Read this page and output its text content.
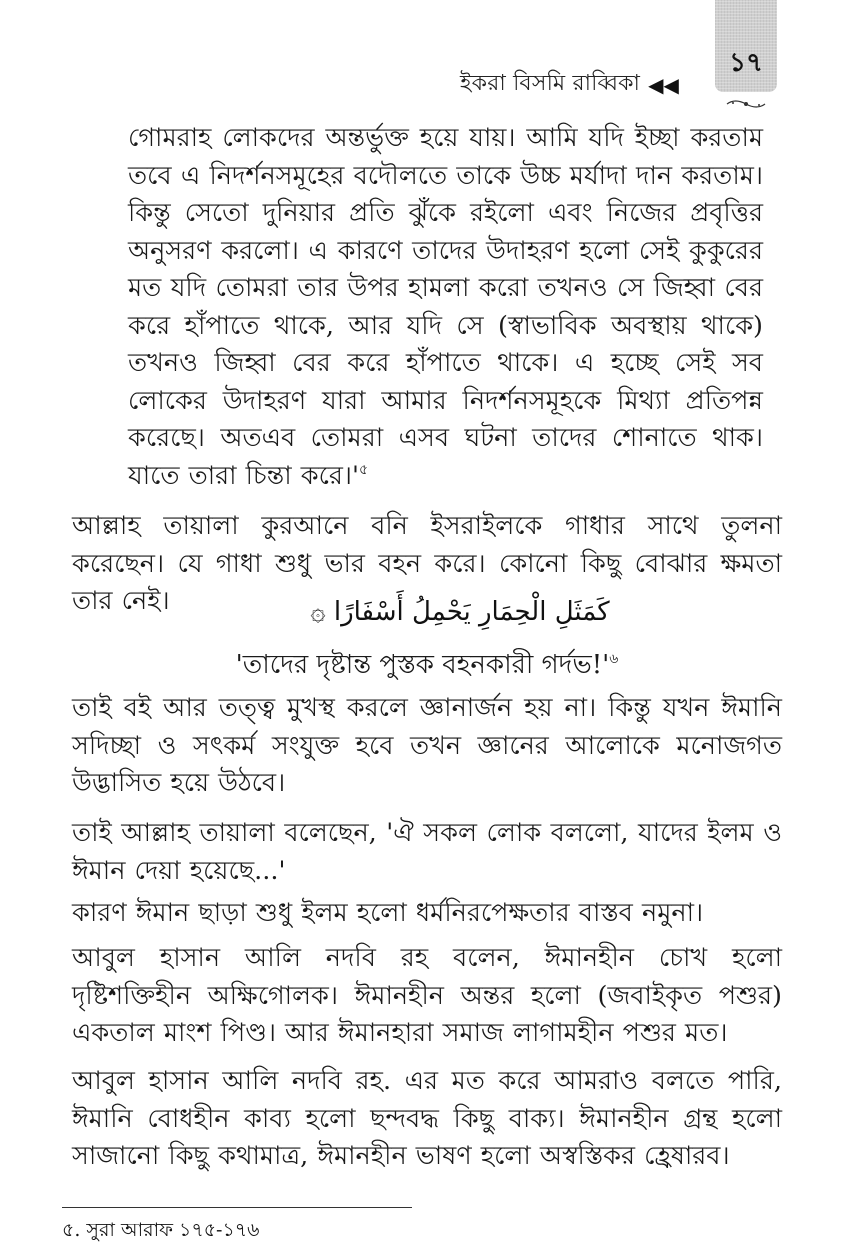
ইকরা বিসমি রাব্বিকা ◀◀
১৭
গোমরাহ লোকদের অন্তর্ভুক্ত হয়ে যায়। আমি যদি ইচ্ছা করতাম তবে এ নিদর্শনসমূহের বদৌলতে তাকে উচ্চ মর্যাদা দান করতাম। কিন্তু সেতো দুনিয়ার প্রতি ঝুঁকে রইলো এবং নিজের প্রবৃত্তির অনুসরণ করলো। এ কারণে তাদের উদাহরণ হলো সেই কুকুরের মত যদি তোমরা তার উপর হামলা করো তখনও সে জিহ্বা বের করে হাঁপাতে থাকে, আর যদি সে (স্বাভাবিক অবস্থায় থাকে) তখনও জিহ্বা বের করে হাঁপাতে থাকে। এ হচ্ছে সেই সব লোকের উদাহরণ যারা আমার নিদর্শনসমূহকে মিথ্যা প্রতিপন্ন করেছে। অতএব তোমরা এসব ঘটনা তাদের শোনাতে থাক। যাতে তারা চিন্তা করে।'$^৫$
আল্লাহ তায়ালা কুরআনে বনি ইসরাইলকে গাধার সাথে তুলনা করেছেন। যে গাধা শুধু ভার বহন করে। কোনো কিছু বোঝার ক্ষমতা তার নেই।	كَمَثَلِ الْحِمَارِ يَحْمِلُ أَسْفَارًا ۞
'তাদের দৃষ্টান্ত পুস্তক বহনকারী গর্দভ!'$^৬$
তাই বই আর তত্ত্ব মুখস্থ করলে জ্ঞানার্জন হয় না। কিন্তু যখন ঈমানি সদিচ্ছা ও সৎকর্ম সংযুক্ত হবে তখন জ্ঞানের আলোকে মনোজগত উদ্ভাসিত হয়ে উঠবে।
তাই আল্লাহ তায়ালা বলেছেন, 'ঐ সকল লোক বললো, যাদের ইলম ও ঈমান দেয়া হয়েছে...'
কারণ ঈমান ছাড়া শুধু ইলম হলো ধর্মনিরপেক্ষতার বাস্তব নমুনা।
আবুল হাসান আলি নদবি রহ বলেন, ঈমানহীন চোখ হলো দৃষ্টিশক্তিহীন অক্ষিগোলক। ঈমানহীন অন্তর হলো (জবাইকৃত পশুর) একতাল মাংশ পিণ্ড। আর ঈমানহারা সমাজ লাগামহীন পশুর মত।
আবুল হাসান আলি নদবি রহ. এর মত করে আমরাও বলতে পারি, ঈমানি বোধহীন কাব্য হলো ছন্দবদ্ধ কিছু বাক্য। ঈমানহীন গ্রন্থ হলো সাজানো কিছু কথামাত্র, ঈমানহীন ভাষণ হলো অস্বস্তিকর হ্রেষারব।
৫. সুরা আরাফ ১৭৫-১৭৬
